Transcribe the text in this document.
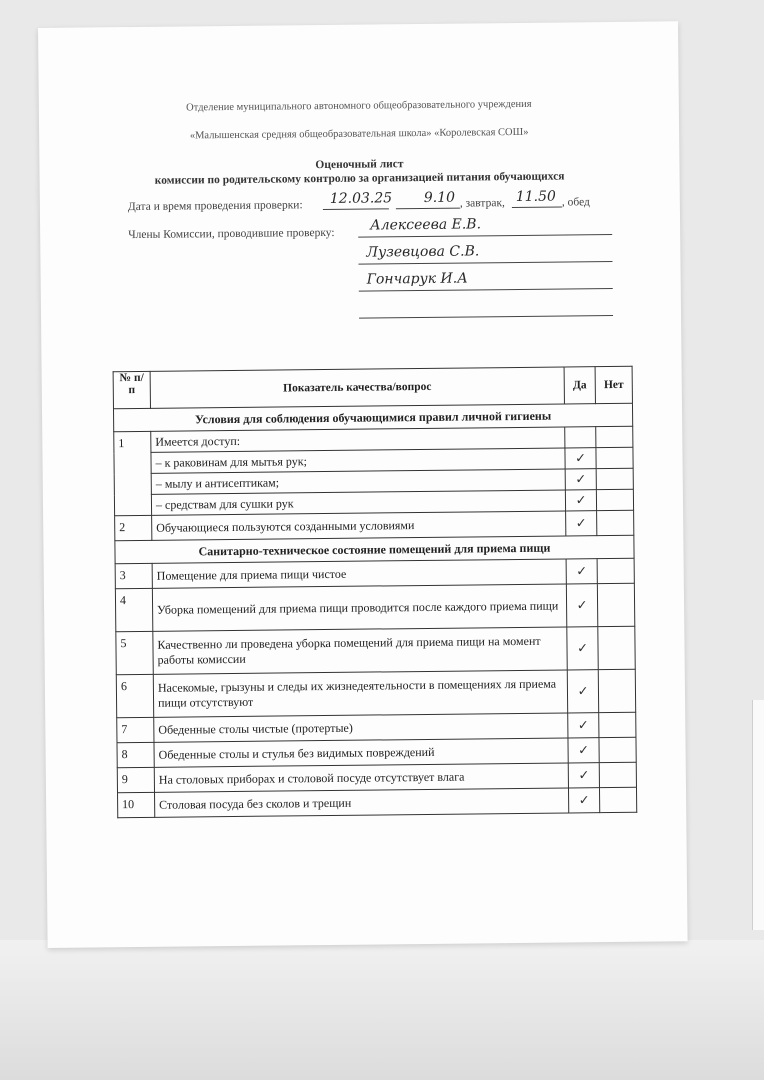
Отделение муниципального автономного общеобразовательного учреждения
«Малышенская средняя общеобразовательная школа» «Королевская СОШ»
Оценочный лист
комиссии по родительскому контролю за организацией питания обучающихся
Дата и время проведения проверки: 12.03.25 9.10 , завтрак, 11.50 , обед
Члены Комиссии, проводившие проверку:
Алексеева Е.В.
Лузевцова С.В.
Гончарук И.А
№ п/п	Показатель качества/вопрос	Да	Нет
Условия для соблюдения обучающимися правил личной гигиены			
1	Имеется доступ:		
	– к раковинам для мытья рук;	✓	
	– мылу и антисептикам;	✓	
	– средствам для сушки рук	✓	
2	Обучающиеся пользуются созданными условиями	✓	
Санитарно-техническое состояние помещений для приема пищи			
3	Помещение для приема пищи чистое	✓	
4	Уборка помещений для приема пищи проводится после каждого приема пищи	✓	
5	Качественно ли проведена уборка помещений для приема пищи на момент работы комиссии	✓	
6	Насекомые, грызуны и следы их жизнедеятельности в помещениях ля приема пищи отсутствуют	✓	
7	Обеденные столы чистые (протертые)	✓	
8	Обеденные столы и стулья без видимых повреждений	✓	
9	На столовых приборах и столовой посуде отсутствует влага	✓	
10	Столовая посуда без сколов и трещин	✓	
